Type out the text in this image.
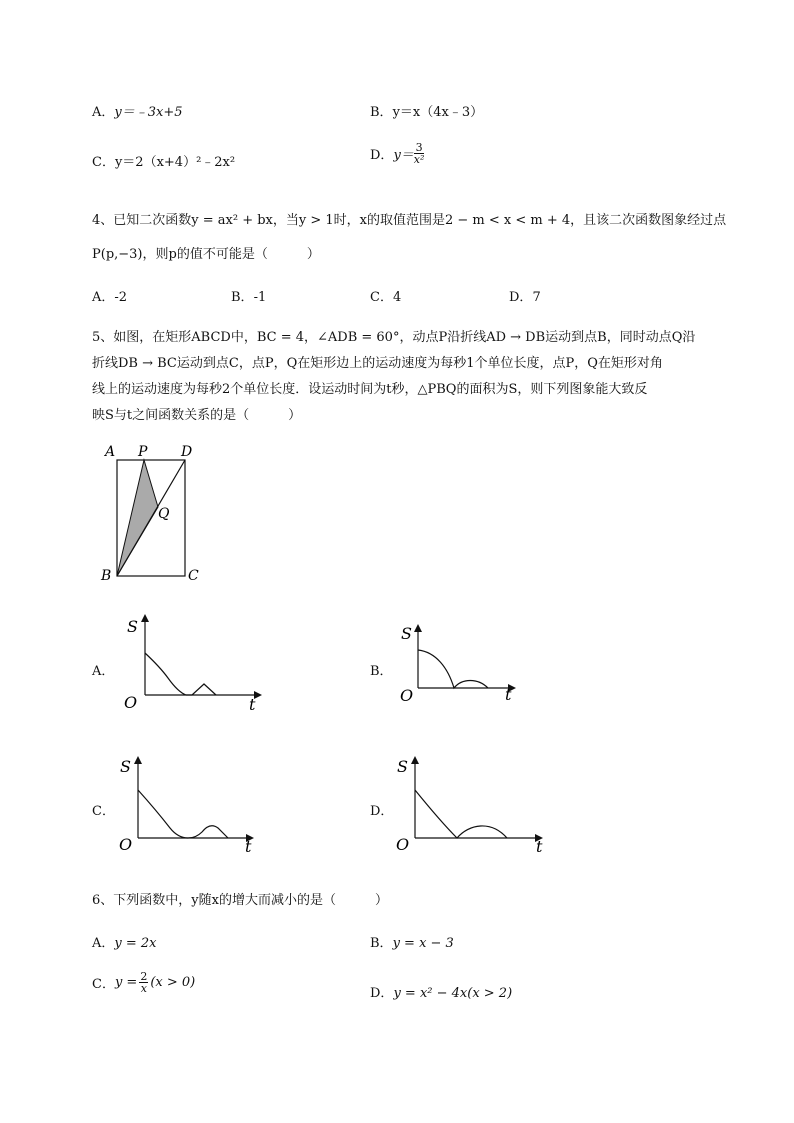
A．y＝﹣3x+5	B．y＝x（4x﹣3）
C．y＝2（x+4）²﹣2x²	D．$y= \frac{3}{\text{x²}}$
4、已知二次函数y = ax² + bx，当y > 1时，x的取值范围是2 − m < x < m + 4，且该二次函数图象经过点
P(p,−3)，则p的值不可能是（　　　）
A．-2	B．-1	C．4	D．7
5、如图，在矩形ABCD中，BC = 4，∠ADB = 60°，动点P沿折线AD → DB运动到点B，同时动点Q沿
折线DB → BC运动到点C，点P，Q在矩形边上的运动速度为每秒1个单位长度，点P，Q在矩形对角
线上的运动速度为每秒2个单位长度．设运动时间为t秒，△PBQ的面积为S，则下列图象能大致反
映S与t之间函数关系的是（　　　）
A P D
Q
B	C
A．	B．
C．	D．
S
O	t
S
O	t
S
O	t
S
O	t
6、下列函数中，y随x的增大而减小的是（　　　）
A．y = 2x	B．y = x − 3
C．$y = \frac{2}{x} (x > 0)$
D．y = x² − 4x(x > 2)
